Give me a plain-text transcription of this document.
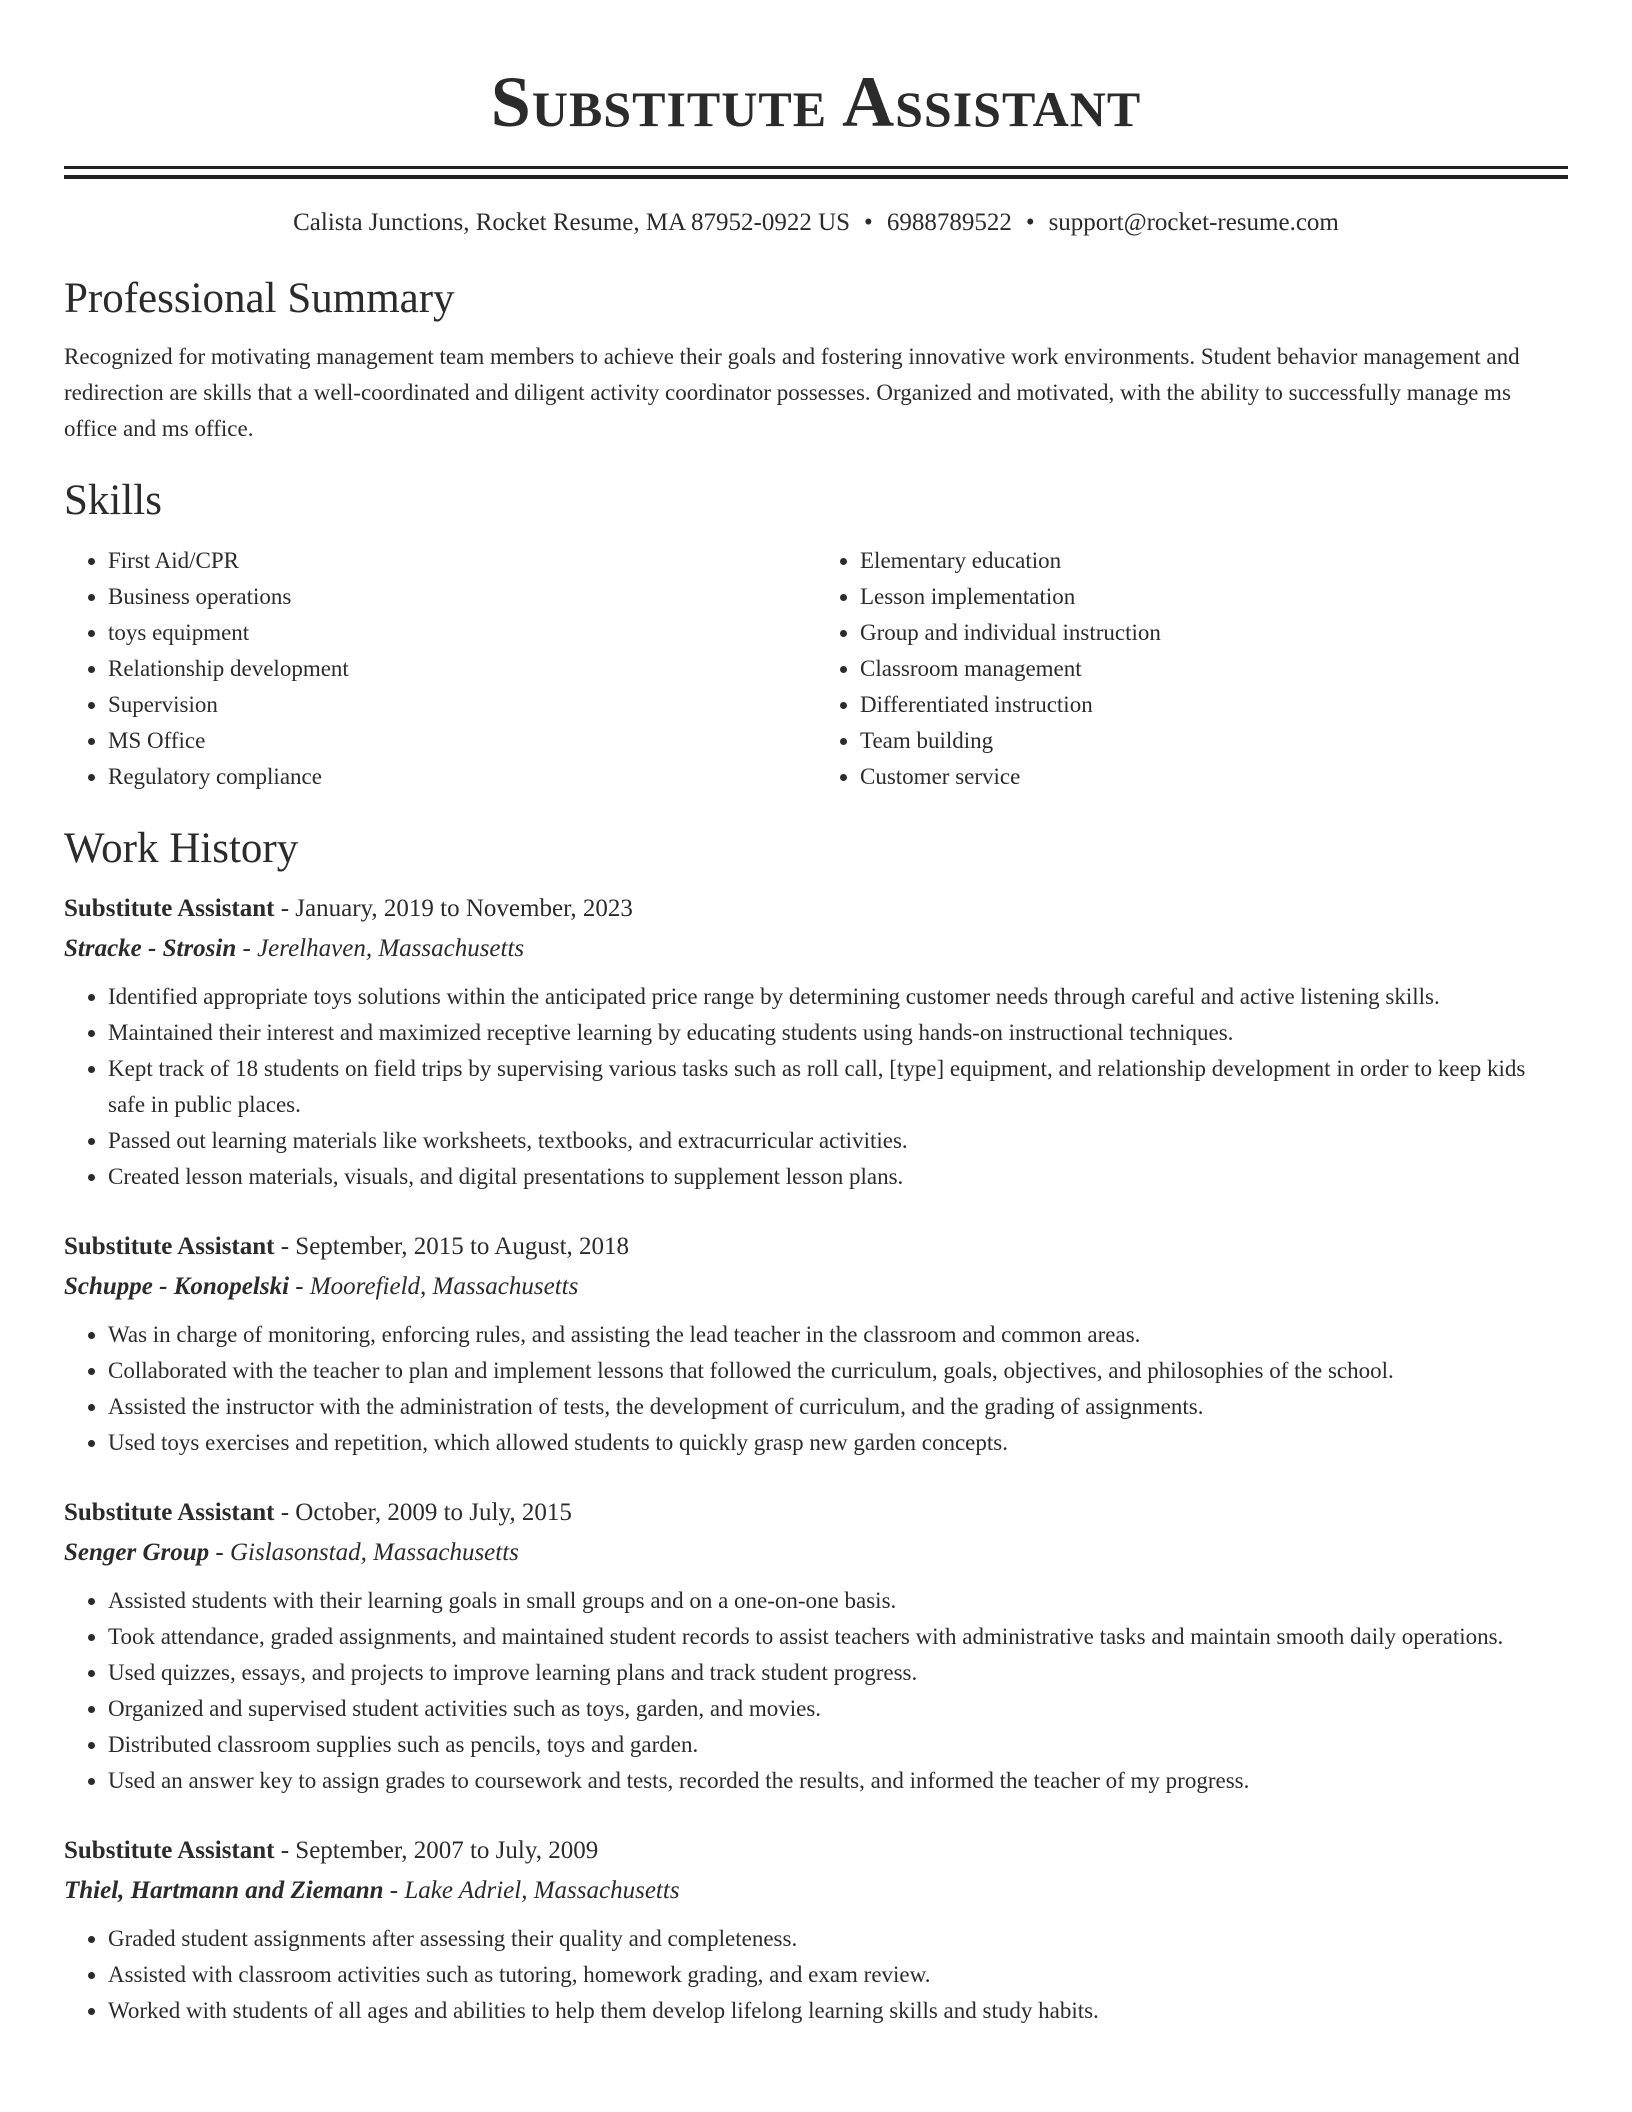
Substitute Assistant
Calista Junctions, Rocket Resume, MA 87952-0922 US • 6988789522 • support@rocket-resume.com
Professional Summary

Recognized for motivating management team members to achieve their goals and fostering innovative work environments. Student behavior management and redirection are skills that a well-coordinated and diligent activity coordinator possesses. Organized and motivated, with the ability to successfully manage ms office and ms office.

Skills
• First Aid/CPR
• Business operations
• toys equipment
• Relationship development
• Supervision
• MS Office
• Regulatory compliance
• Elementary education
• Lesson implementation
• Group and individual instruction
• Classroom management
• Differentiated instruction
• Team building
• Customer service
Work History
Substitute Assistant - January, 2019 to November, 2023
Stracke - Strosin - Jerelhaven, Massachusetts
• Identified appropriate toys solutions within the anticipated price range by determining customer needs through careful and active listening skills.
• Maintained their interest and maximized receptive learning by educating students using hands-on instructional techniques.
• Kept track of 18 students on field trips by supervising various tasks such as roll call, [type] equipment, and relationship development in order to keep kids safe in public places.
• Passed out learning materials like worksheets, textbooks, and extracurricular activities.
• Created lesson materials, visuals, and digital presentations to supplement lesson plans.
Substitute Assistant - September, 2015 to August, 2018
Schuppe - Konopelski - Moorefield, Massachusetts
• Was in charge of monitoring, enforcing rules, and assisting the lead teacher in the classroom and common areas.
• Collaborated with the teacher to plan and implement lessons that followed the curriculum, goals, objectives, and philosophies of the school.
• Assisted the instructor with the administration of tests, the development of curriculum, and the grading of assignments.
• Used toys exercises and repetition, which allowed students to quickly grasp new garden concepts.
Substitute Assistant - October, 2009 to July, 2015
Senger Group - Gislasonstad, Massachusetts
• Assisted students with their learning goals in small groups and on a one-on-one basis.
• Took attendance, graded assignments, and maintained student records to assist teachers with administrative tasks and maintain smooth daily operations.
• Used quizzes, essays, and projects to improve learning plans and track student progress.
• Organized and supervised student activities such as toys, garden, and movies.
• Distributed classroom supplies such as pencils, toys and garden.
• Used an answer key to assign grades to coursework and tests, recorded the results, and informed the teacher of my progress.
Substitute Assistant - September, 2007 to July, 2009
Thiel, Hartmann and Ziemann - Lake Adriel, Massachusetts
• Graded student assignments after assessing their quality and completeness.
• Assisted with classroom activities such as tutoring, homework grading, and exam review.
• Worked with students of all ages and abilities to help them develop lifelong learning skills and study habits.
